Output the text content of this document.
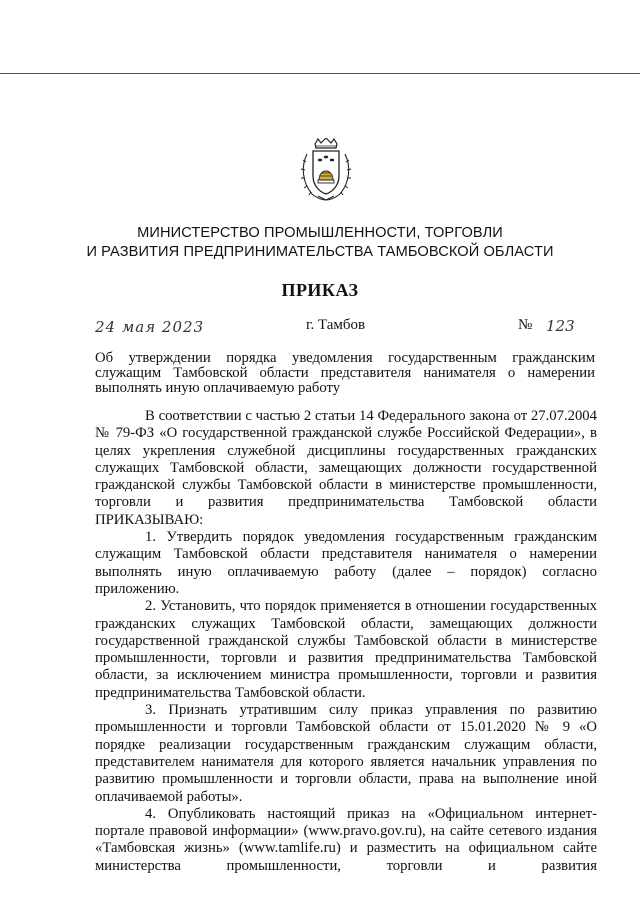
МИНИСТЕРСТВО ПРОМЫШЛЕННОСТИ, ТОРГОВЛИ
И РАЗВИТИЯ ПРЕДПРИНИМАТЕЛЬСТВА ТАМБОВСКОЙ ОБЛАСТИ
ПРИКАЗ
24 мая 2023	г. Тамбов	№ 123

Об утверждении порядка уведомления государственным гражданским служащим Тамбовской области представителя нанимателя о намерении выполнять иную оплачиваемую работу

В соответствии с частью 2 статьи 14 Федерального закона от 27.07.2004 № 79-ФЗ «О государственной гражданской службе Российской Федерации», в целях укрепления служебной дисциплины государственных гражданских служащих Тамбовской области, замещающих должности государственной гражданской службы Тамбовской области в министерстве промышленности, торговли и развития предпринимательства Тамбовской области ПРИКАЗЫВАЮ:

1. Утвердить порядок уведомления государственным гражданским служащим Тамбовской области представителя нанимателя о намерении выполнять иную оплачиваемую работу (далее – порядок) согласно приложению.

2. Установить, что порядок применяется в отношении государственных гражданских служащих Тамбовской области, замещающих должности государственной гражданской службы Тамбовской области в министерстве промышленности, торговли и развития предпринимательства Тамбовской области, за исключением министра промышленности, торговли и развития предпринимательства Тамбовской области.

3. Признать утратившим силу приказ управления по развитию промышленности и торговли Тамбовской области от 15.01.2020 № 9 «О порядке реализации государственным гражданским служащим области, представителем нанимателя для которого является начальник управления по развитию промышленности и торговли области, права на выполнение иной оплачиваемой работы».

4. Опубликовать настоящий приказ на «Официальном интернет-портале правовой информации» (www.pravo.gov.ru), на сайте сетевого издания «Тамбовская жизнь» (www.tamlife.ru) и разместить на официальном сайте министерства промышленности, торговли и развития
